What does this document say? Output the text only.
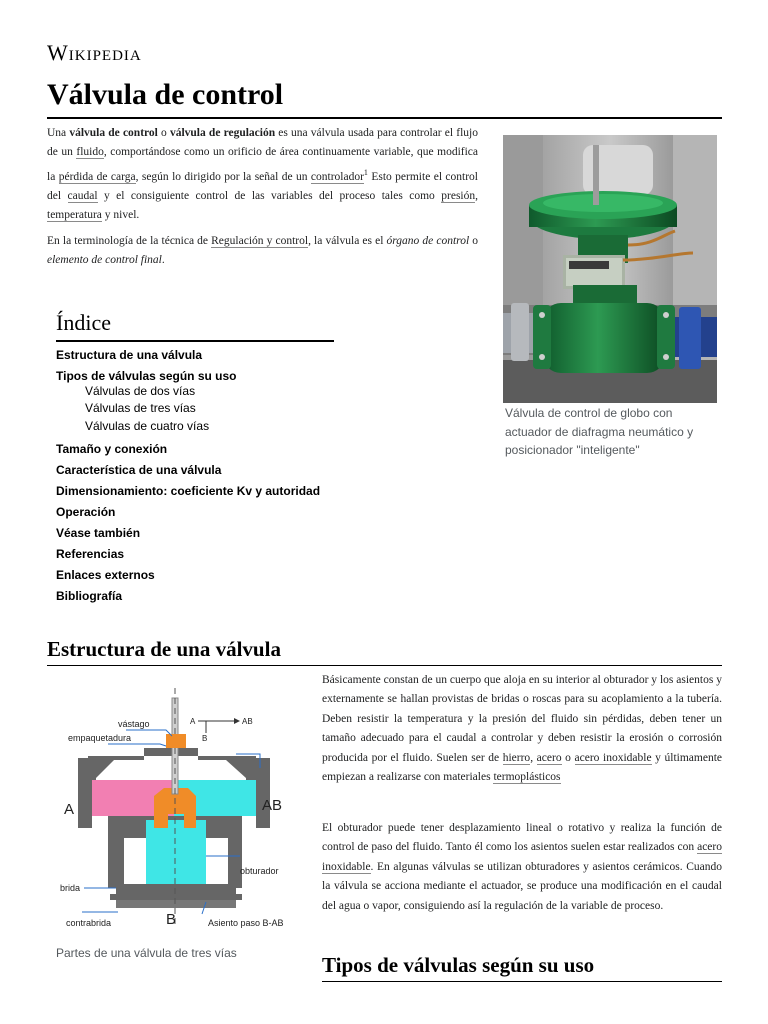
Wikipedia
Válvula de control

Una válvula de control o válvula de regulación es una válvula usada para controlar el flujo de un fluido, comportándose como un orificio de área continuamente variable, que modifica la pérdida de carga, según lo dirigido por la señal de un controlador$^1$ Esto permite el control del caudal y el consiguiente control de las variables del proceso tales como presión, temperatura y nivel.

En la terminología de la técnica de Regulación y control, la válvula es el órgano de control o elemento de control final.

Válvula de control de globo con actuador de diafragma neumático y posicionador "inteligente"
Índice
Estructura de una válvula
Tipos de válvulas según su uso
Válvulas de dos vías
Válvulas de tres vías
Válvulas de cuatro vías
Tamaño y conexión
Característica de una válvula
Dimensionamiento: coeficiente Kv y autoridad
Operación
Véase también
Referencias
Enlaces externos
Bibliografía
Estructura de una válvula
vástago
empaquetadura
A	AB
B
obturador
brida
contrabrida	Asiento paso B-AB
A	AB
B
Partes de una válvula de tres vías

Básicamente constan de un cuerpo que aloja en su interior al obturador y los asientos y externamente se hallan provistas de bridas o roscas para su acoplamiento a la tubería. Deben resistir la temperatura y la presión del fluido sin pérdidas, deben tener un tamaño adecuado para el caudal a controlar y deben resistir la erosión o corrosión producida por el fluido. Suelen ser de hierro, acero o acero inoxidable y últimamente empiezan a realizarse con materiales termoplásticos

El obturador puede tener desplazamiento lineal o rotativo y realiza la función de control de paso del fluido. Tanto él como los asientos suelen estar realizados con acero inoxidable. En algunas válvulas se utilizan obturadores y asientos cerámicos. Cuando la válvula se acciona mediante el actuador, se produce una modificación en el caudal del agua o vapor, consiguiendo así la regulación de la variable de proceso.

Tipos de válvulas según su uso
